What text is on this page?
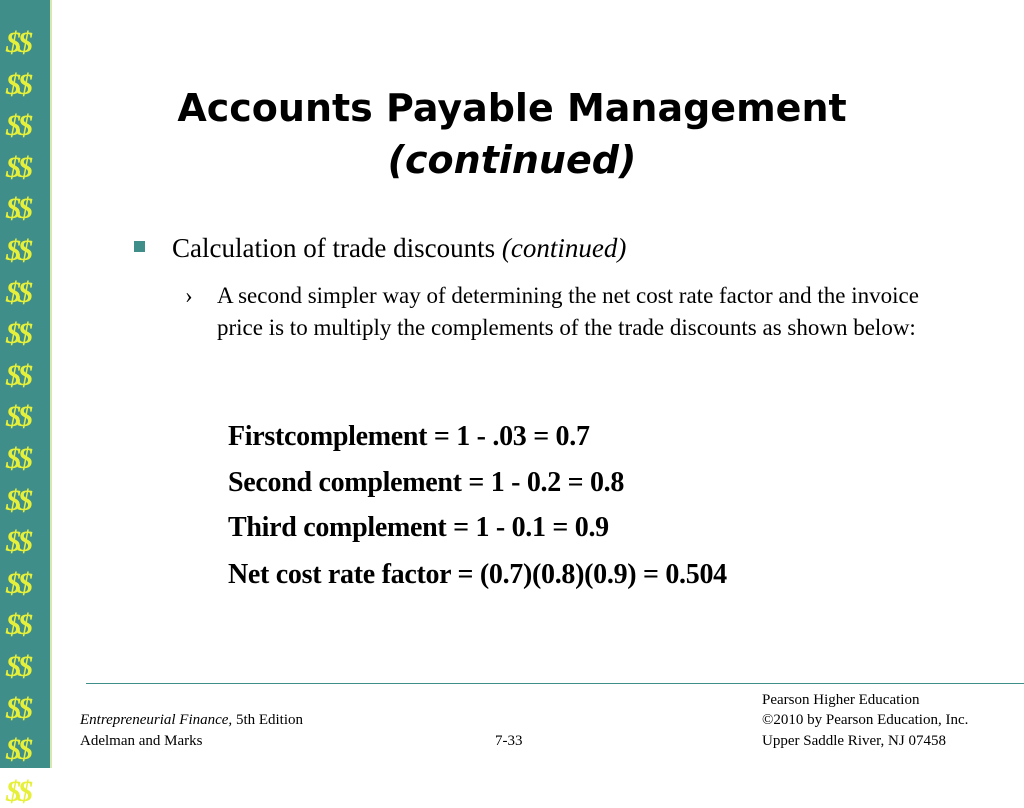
$$
$$
$$
$$
$$
$$
$$
$$
$$
$$
$$
$$
$$
$$
$$
$$
$$
$$
$$
Accounts Payable Management
(continued)
Calculation of trade discounts (continued)
› A second simpler way of determining the net cost rate factor and the invoice price is to multiply the complements of the trade discounts as shown below:
Firstcomplement = 1 - .03 = 0.7
Second complement = 1 - 0.2 = 0.8
Third complement = 1 - 0.1 = 0.9
Net cost rate factor = (0.7)(0.8)(0.9) = 0.504
Entrepreneurial Finance, 5th Edition
Adelman and Marks	7-33
Pearson Higher Education
©2010 by Pearson Education, Inc.
Upper Saddle River, NJ 07458
